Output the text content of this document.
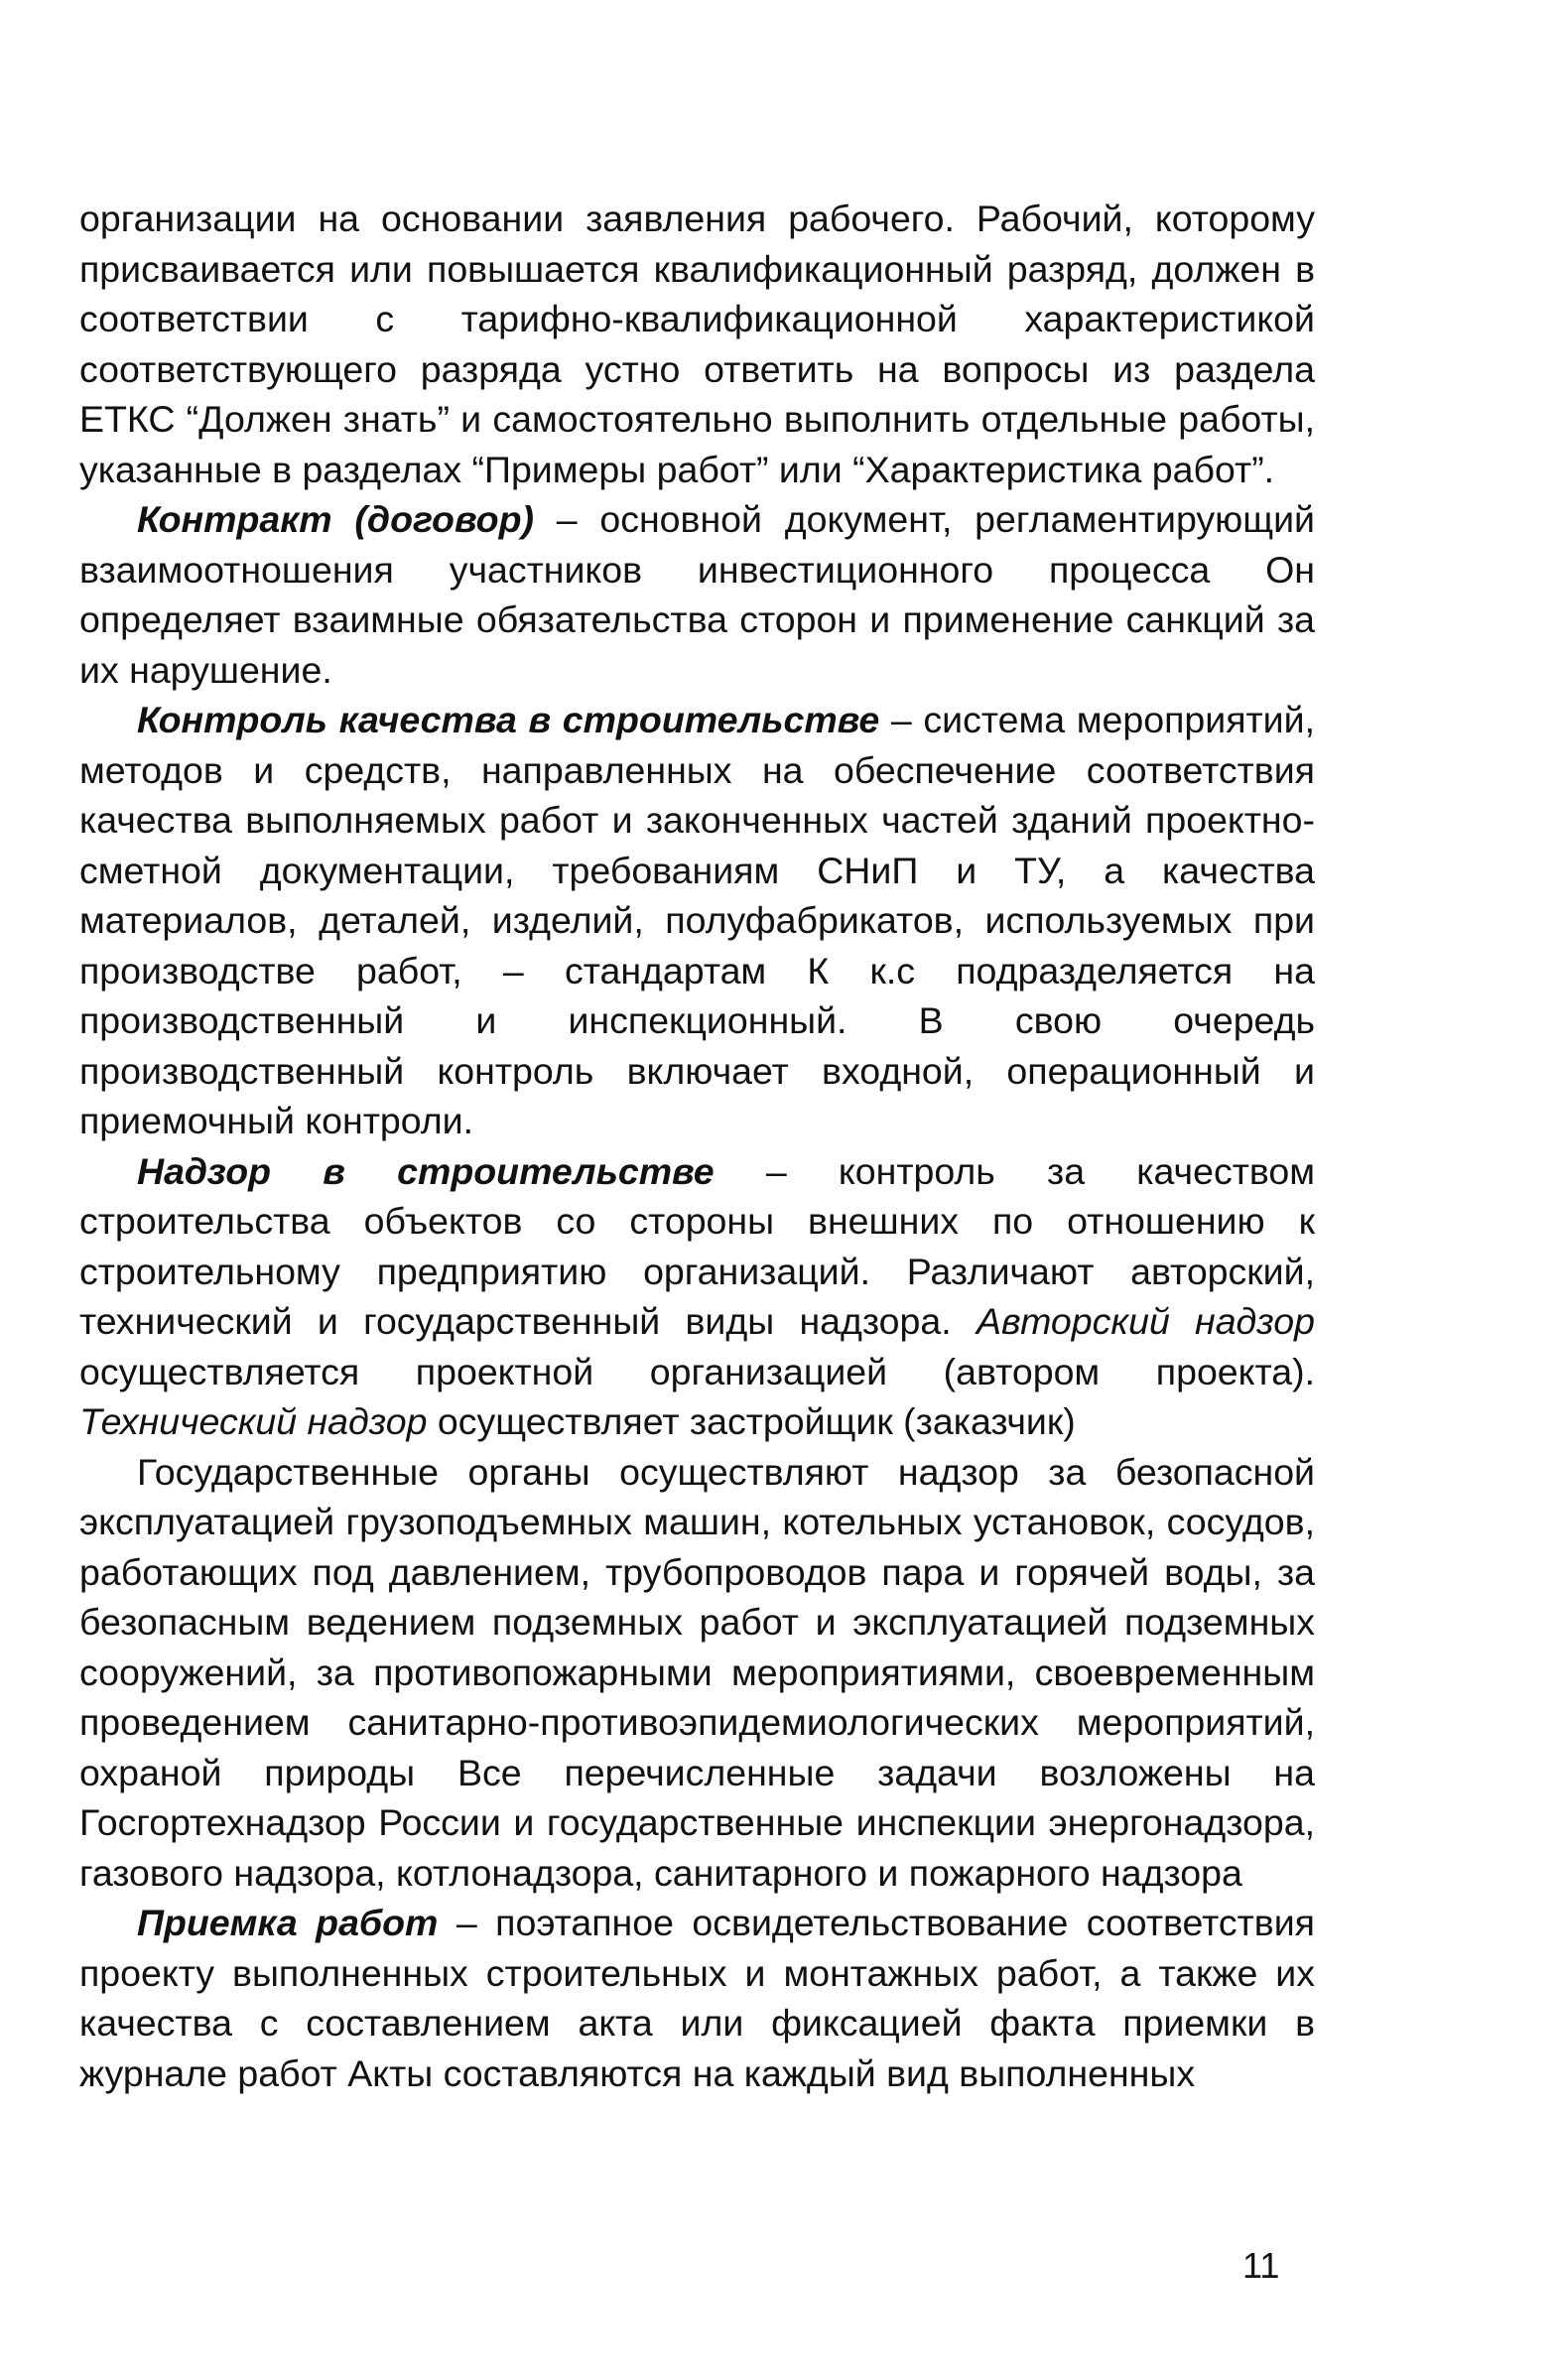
организации на основании заявления рабочего. Рабочий, которому присваивается или повышается квалификационный разряд, должен в соответствии с тарифно-квалификационной характеристикой соответствующего разряда устно ответить на вопросы из раздела ЕТКС “Должен знать” и самостоятельно выполнить отдельные работы, указанные в разделах “Примеры работ” или “Характеристика работ”.

Контракт (договор) – основной документ, регламентирующий взаимоотношения участников инвестиционного процесса Он определяет взаимные обязательства сторон и применение санкций за их нарушение.

Контроль качества в строительстве – система мероприятий, методов и средств, направленных на обеспечение соответствия качества выполняемых работ и законченных частей зданий проектно-сметной документации, требованиям СНиП и ТУ, а качества материалов, деталей, изделий, полуфабрикатов, используемых при производстве работ, – стандартам К к.с подразделяется на производственный и инспекционный. В свою очередь производственный контроль включает входной, операционный и приемочный контроли.

Надзор в строительстве – контроль за качеством строительства объектов со стороны внешних по отношению к строительному предприятию организаций. Различают авторский, технический и государственный виды надзора. Авторский надзор осуществляется проектной организацией (автором проекта). Технический надзор осуществляет застройщик (заказчик)

Государственные органы осуществляют надзор за безопасной эксплуатацией грузоподъемных машин, котельных установок, сосудов, работающих под давлением, трубопроводов пара и горячей воды, за безопасным ведением подземных работ и эксплуатацией подземных сооружений, за противопожарными мероприятиями, своевременным проведением санитарно-противоэпидемиологических мероприятий, охраной природы Все перечисленные задачи возложены на Госгортехнадзор России и государственные инспекции энергонадзора, газового надзора, котлонадзора, санитарного и пожарного надзора

Приемка работ – поэтапное освидетельствование соответствия проекту выполненных строительных и монтажных работ, а также их качества с составлением акта или фиксацией факта приемки в журнале работ Акты составляются на каждый вид выполненных

11
